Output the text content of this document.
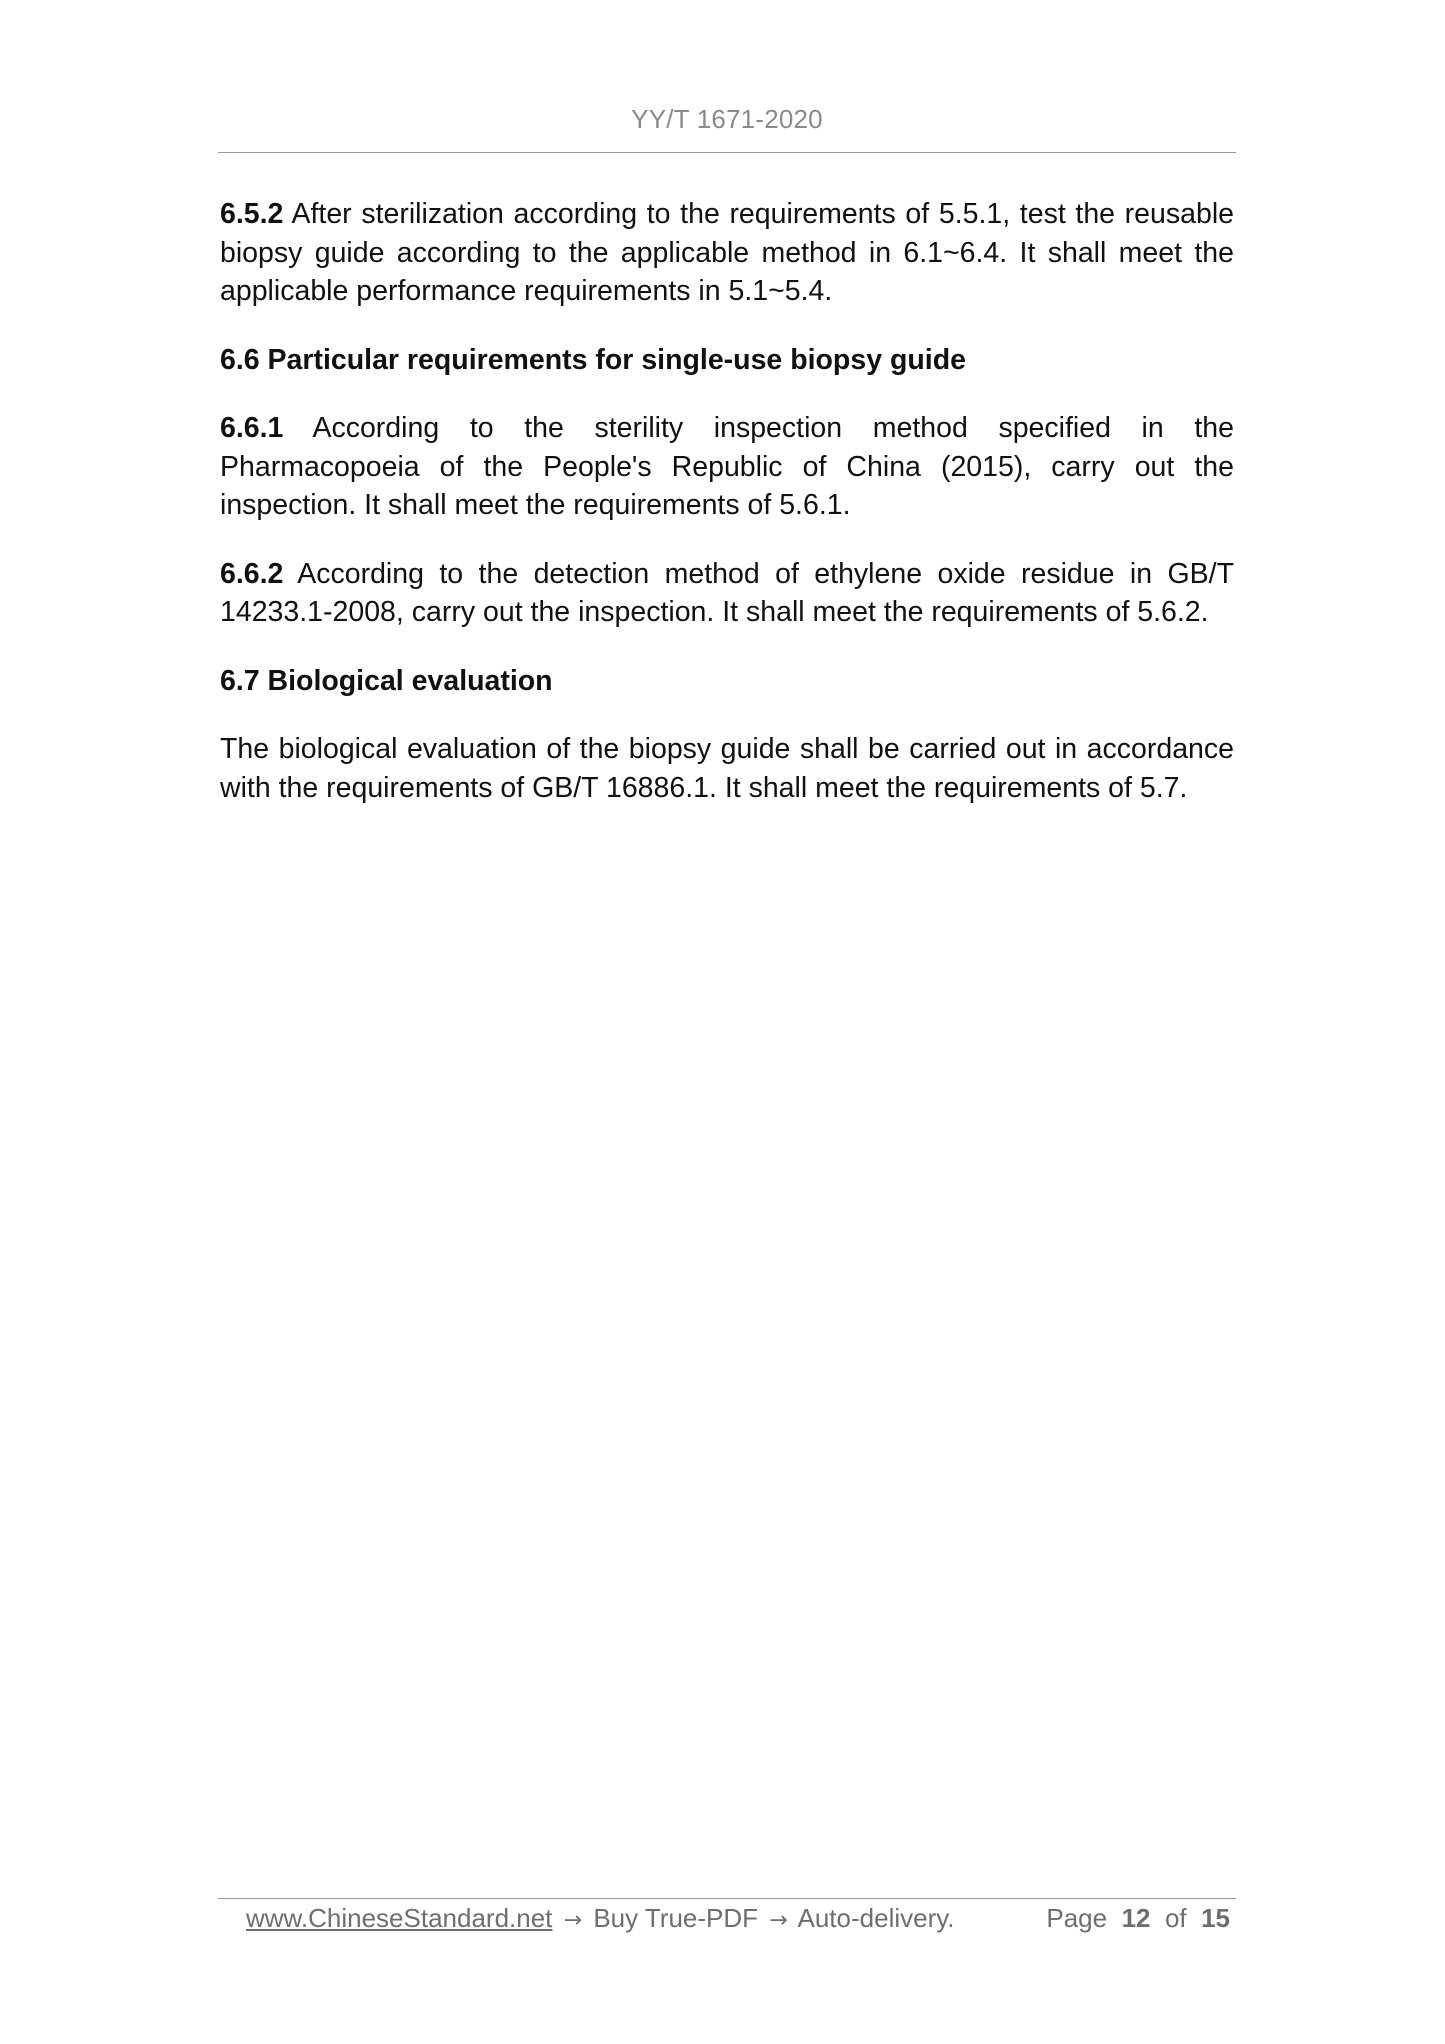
YY/T 1671-2020

6.5.2 After sterilization according to the requirements of 5.5.1, test the reusable biopsy guide according to the applicable method in 6.1~6.4. It shall meet the applicable performance requirements in 5.1~5.4.

6.6 Particular requirements for single-use biopsy guide

6.6.1 According to the sterility inspection method specified in the Pharmacopoeia of the People's Republic of China (2015), carry out the inspection. It shall meet the requirements of 5.6.1.

6.6.2 According to the detection method of ethylene oxide residue in GB/T 14233.1-2008, carry out the inspection. It shall meet the requirements of 5.6.2.

6.7 Biological evaluation

The biological evaluation of the biopsy guide shall be carried out in accordance with the requirements of GB/T 16886.1. It shall meet the requirements of 5.7.

www.ChineseStandard.net → Buy True-PDF → Auto-delivery.	Page 12 of 15
